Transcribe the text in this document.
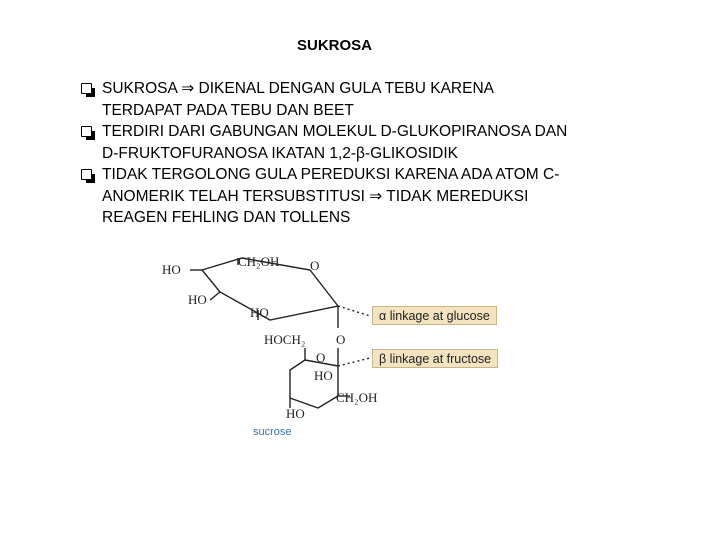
SUKROSA
SUKROSA ⇒ DIKENAL DENGAN GULA TEBU KARENA
TERDAPAT PADA TEBU DAN BEET
TERDIRI DARI GABUNGAN MOLEKUL D-GLUKOPIRANOSA DAN
D-FRUKTOFURANOSA IKATAN 1,2-β-GLIKOSIDIK
TIDAK TERGOLONG GULA PEREDUKSI KARENA ADA ATOM C-
ANOMERIK TELAH TERSUBSTITUSI ⇒ TIDAK MEREDUKSI
REAGEN FEHLING DAN TOLLENS
HO
CH₂OH O
HO
HO
HOCH₂ O
O
HO
HO
CH₂OH
α linkage at glucose
β linkage at fructose
sucrose
